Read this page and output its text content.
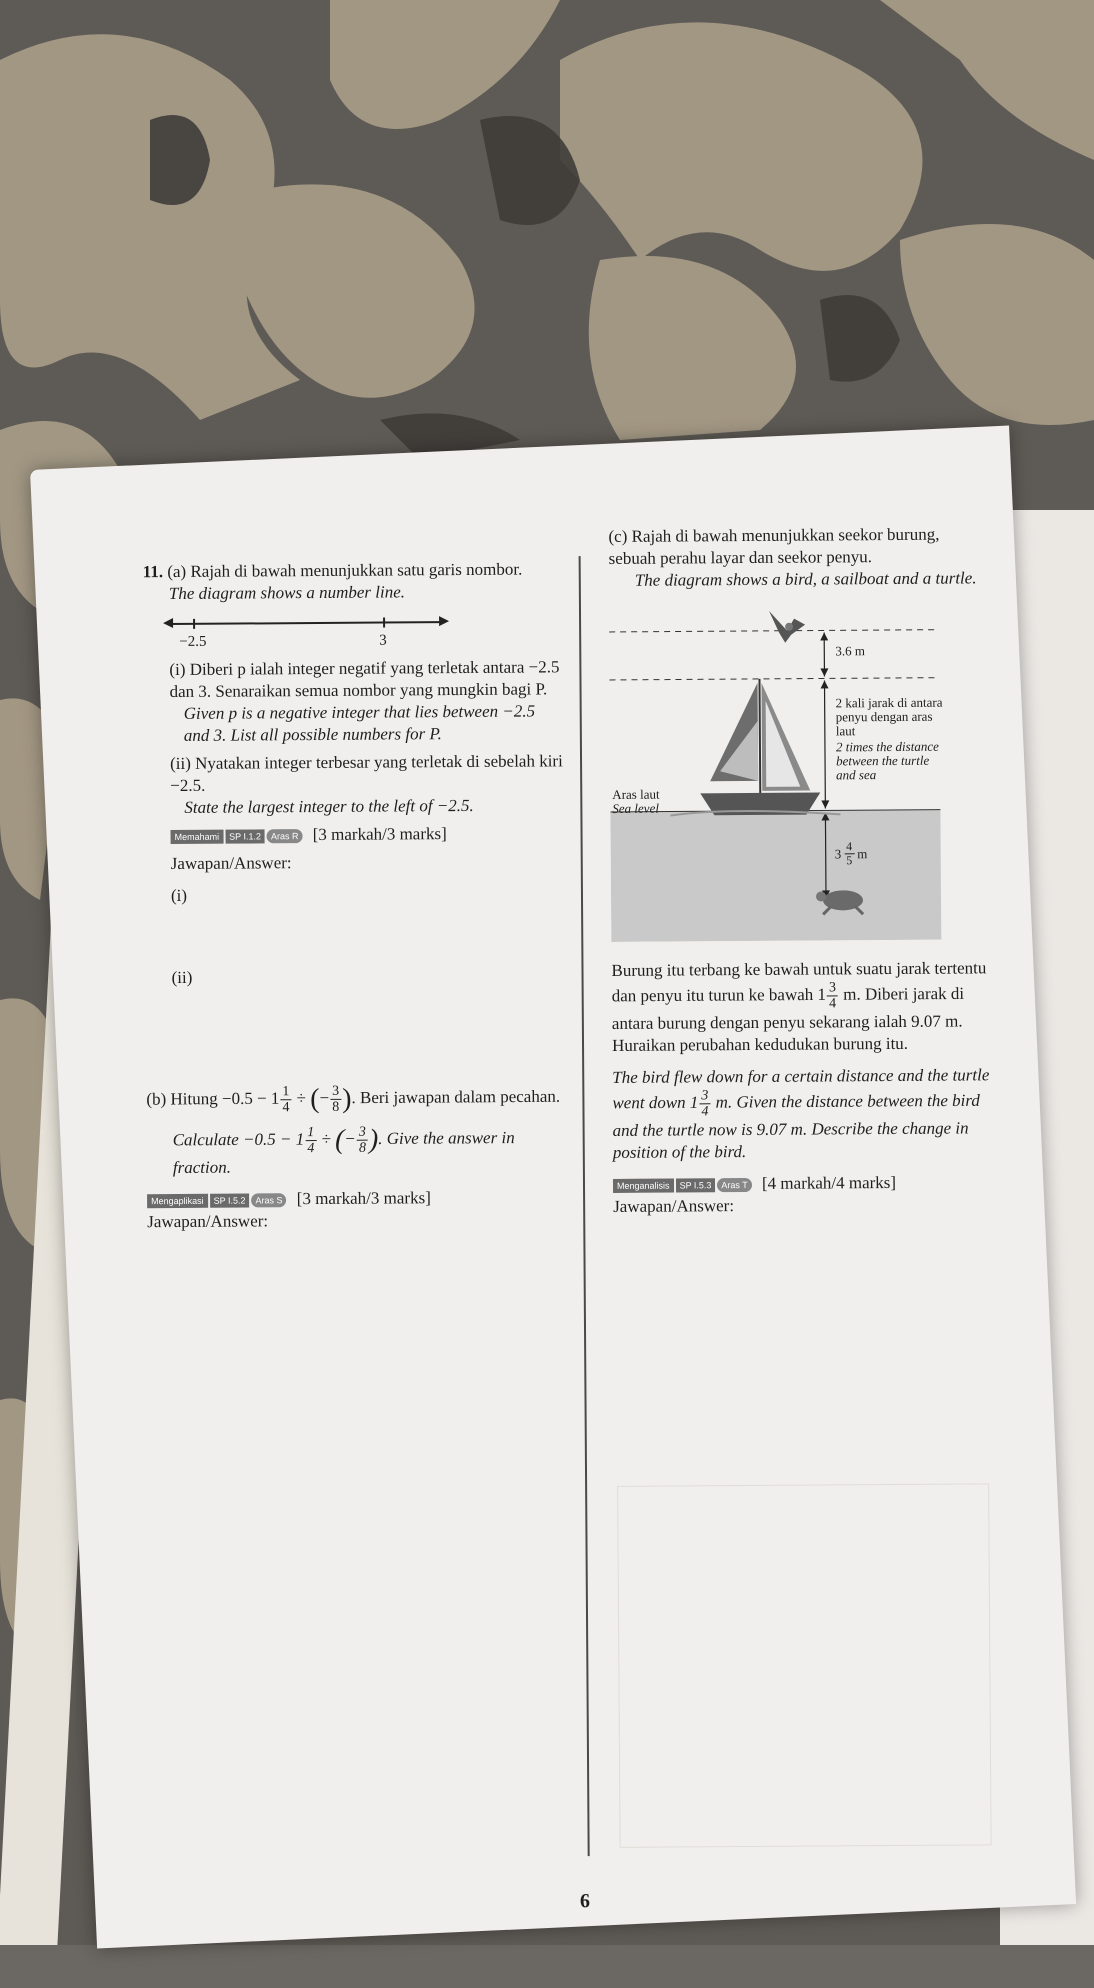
11. (a) Rajah di bawah menunjukkan satu garis nombor.

The diagram shows a number line.

−2.5	3

(i) Diberi p ialah integer negatif yang terletak antara −2.5 dan 3. Senaraikan semua nombor yang mungkin bagi P.

Given p is a negative integer that lies between −2.5 and 3. List all possible numbers for P.

(ii) Nyatakan integer terbesar yang terletak di sebelah kiri −2.5.

State the largest integer to the left of −2.5.

Memahami	SP I.1.2	Aras R [3 markah/3 marks]

Jawapan/Answer:

(i)

(ii)

(b) Hitung $-0.5 - 1 \frac{1}{4}$ ÷ (− $\frac{3}{8}$ ). Beri jawapan dalam pecahan.

Calculate $-0.5 - 1 \frac{1}{4}$ ÷ (− $\frac{3}{8}$ ). Give the answer in fraction.

Mengaplikasi	SP I.5.2	Aras S [3 markah/3 marks]

Jawapan/Answer:

(c) Rajah di bawah menunjukkan seekor burung, sebuah perahu layar dan seekor penyu.

The diagram shows a bird, a sailboat and a turtle.

3.6 m
2 kali jarak di antara penyu dengan aras laut
2 times the distance between the turtle and sea
Aras laut
Sea level
$3 \frac{4}{5}$ m

Burung itu terbang ke bawah untuk suatu jarak tertentu dan penyu itu turun ke bawah $1 \frac{3}{4} m$. Diberi jarak di antara burung dengan penyu sekarang ialah 9.07 m. Huraikan perubahan kedudukan burung itu.

The bird flew down for a certain distance and the turtle went down $1 \frac{3}{4} m$. Given the distance between the bird and the turtle now is 9.07 m. Describe the change in position of the bird.

Menganalisis	SP I.5.3	Aras T [4 markah/4 marks]

Jawapan/Answer:

6
